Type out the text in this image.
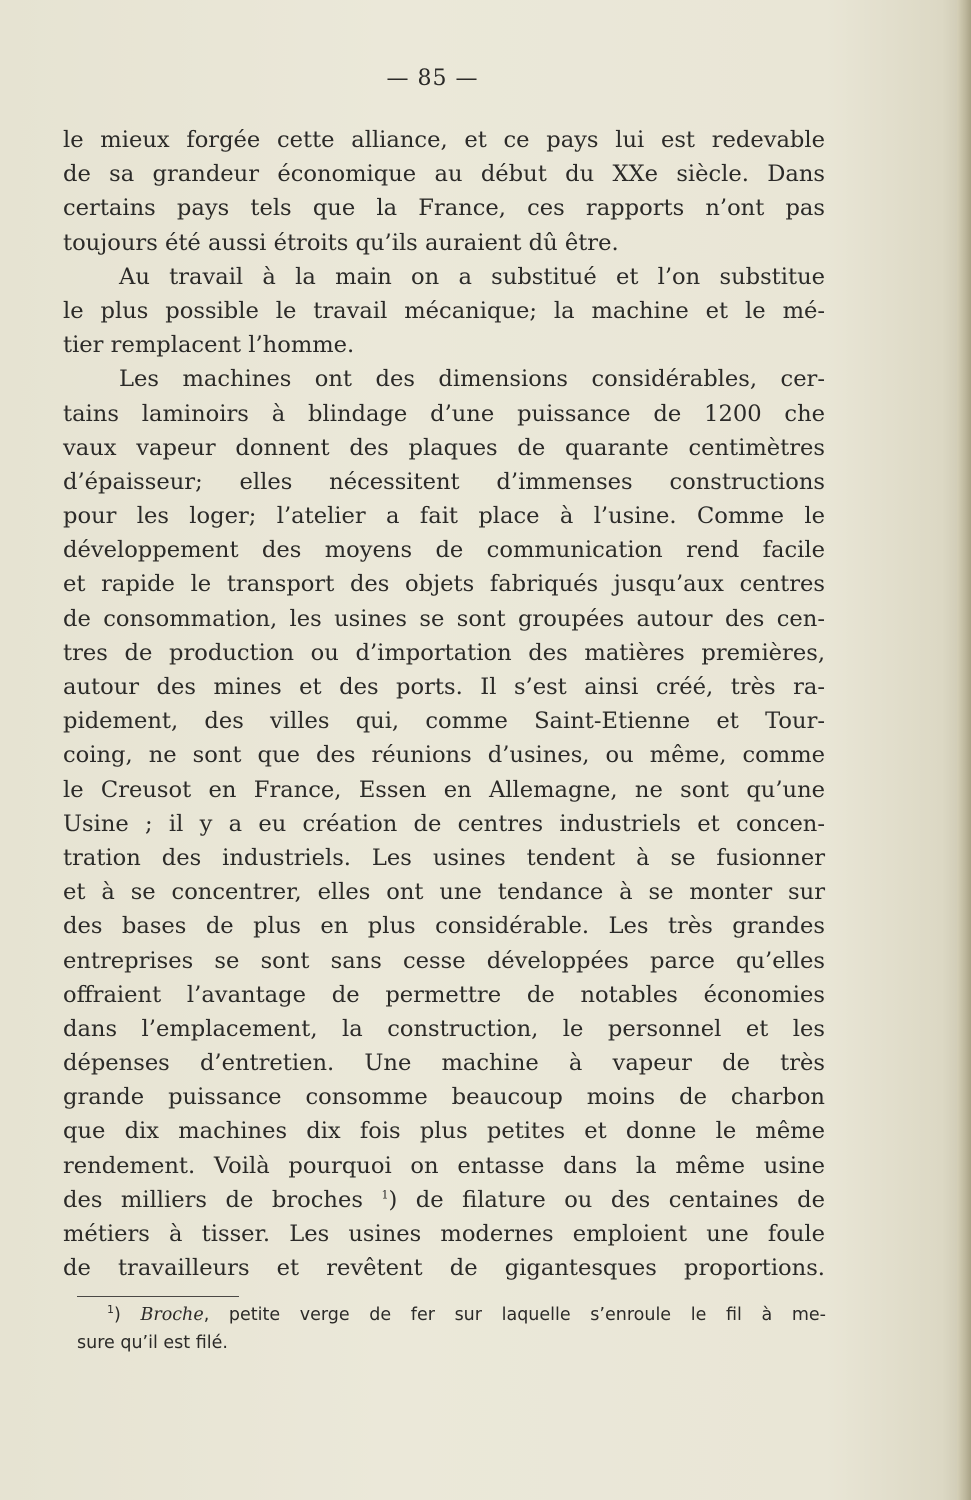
— 85 —
le mieux forgée cette alliance, et ce pays lui est redevable
de sa grandeur économique au début du XXe siècle. Dans
certains pays tels que la France, ces rapports n’ont pas
toujours été aussi étroits qu’ils auraient dû être.
Au travail à la main on a substitué et l’on substitue
le plus possible le travail mécanique; la machine et le mé-
tier remplacent l’homme.
Les machines ont des dimensions considérables, cer-
tains laminoirs à blindage d’une puissance de 1200 che
vaux vapeur donnent des plaques de quarante centimètres
d’épaisseur; elles nécessitent d’immenses constructions
pour les loger; l’atelier a fait place à l’usine. Comme le
développement des moyens de communication rend facile
et rapide le transport des objets fabriqués jusqu’aux centres
de consommation, les usines se sont groupées autour des cen-
tres de production ou d’importation des matières premières,
autour des mines et des ports. Il s’est ainsi créé, très ra-
pidement, des villes qui, comme Saint-Etienne et Tour-
coing, ne sont que des réunions d’usines, ou même, comme
le Creusot en France, Essen en Allemagne, ne sont qu’une
Usine ; il y a eu création de centres industriels et concen-
tration des industriels. Les usines tendent à se fusionner
et à se concentrer, elles ont une tendance à se monter sur
des bases de plus en plus considérable. Les très grandes
entreprises se sont sans cesse développées parce qu’elles
offraient l’avantage de permettre de notables économies
dans l’emplacement, la construction, le personnel et les
dépenses d’entretien. Une machine à vapeur de très
grande puissance consomme beaucoup moins de charbon
que dix machines dix fois plus petites et donne le même
rendement. Voilà pourquoi on entasse dans la même usine
des milliers de broches $^1$) de filature ou des centaines de
métiers à tisser. Les usines modernes emploient une foule
de travailleurs et revêtent de gigantesques proportions.
$^1$) Broche, petite verge de fer sur laquelle s’enroule le fil à me-
sure qu’il est filé.
